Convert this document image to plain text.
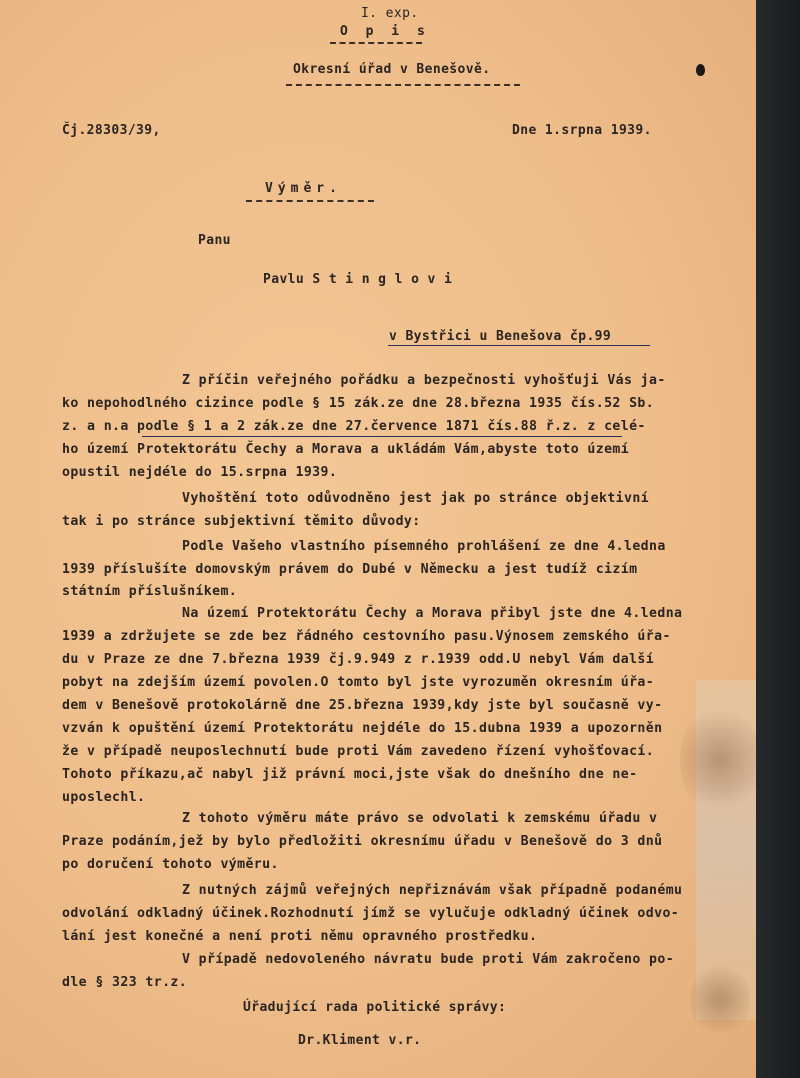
I. exp.
O p i s
Okresní úřad v Benešově.
Čj.28303/39,	Dne 1.srpna 1939.
Výměr.
Panu
Pavlu S t i n g l o v i
v Bystřici u Benešova čp.99
Z příčin veřejného pořádku a bezpečnosti vyhošťuji Vás ja-
ko nepohodlného cizince podle § 15 zák.ze dne 28.března 1935 čís.52 Sb.
z. a n.a podle § 1 a 2 zák.ze dne 27.července 1871 čís.88 ř.z. z celé-
ho území Protektorátu Čechy a Morava a ukládám Vám,abyste toto území
opustil nejdéle do 15.srpna 1939.
Vyhoštění toto odůvodněno jest jak po stránce objektivní
tak i po stránce subjektivní těmito důvody:
Podle Vašeho vlastního písemného prohlášení ze dne 4.ledna
1939 příslušíte domovským právem do Dubé v Německu a jest tudíž cizím
státním příslušníkem.
Na území Protektorátu Čechy a Morava přibyl jste dne 4.ledna
1939 a zdržujete se zde bez řádného cestovního pasu.Výnosem zemského úřa-
du v Praze ze dne 7.března 1939 čj.9.949 z r.1939 odd.U nebyl Vám další
pobyt na zdejším území povolen.O tomto byl jste vyrozuměn okresním úřa-
dem v Benešově protokolárně dne 25.března 1939,kdy jste byl současně vy-
vzván k opuštění území Protektorátu nejdéle do 15.dubna 1939 a upozorněn
že v případě neuposlechnutí bude proti Vám zavedeno řízení vyhošťovací.
Tohoto příkazu,ač nabyl již právní moci,jste však do dnešního dne ne-
uposlechl.
Z tohoto výměru máte právo se odvolati k zemskému úřadu v
Praze podáním,jež by bylo předložiti okresnímu úřadu v Benešově do 3 dnů
po doručení tohoto výměru.
Z nutných zájmů veřejných nepřiznávám však případně podanému
odvolání odkladný účinek.Rozhodnutí jímž se vylučuje odkladný účinek odvo-
lání jest konečné a není proti němu opravného prostředku.
V případě nedovoleného návratu bude proti Vám zakročeno po-
dle § 323 tr.z.
Úřadující rada politické správy:
Dr.Kliment v.r.
